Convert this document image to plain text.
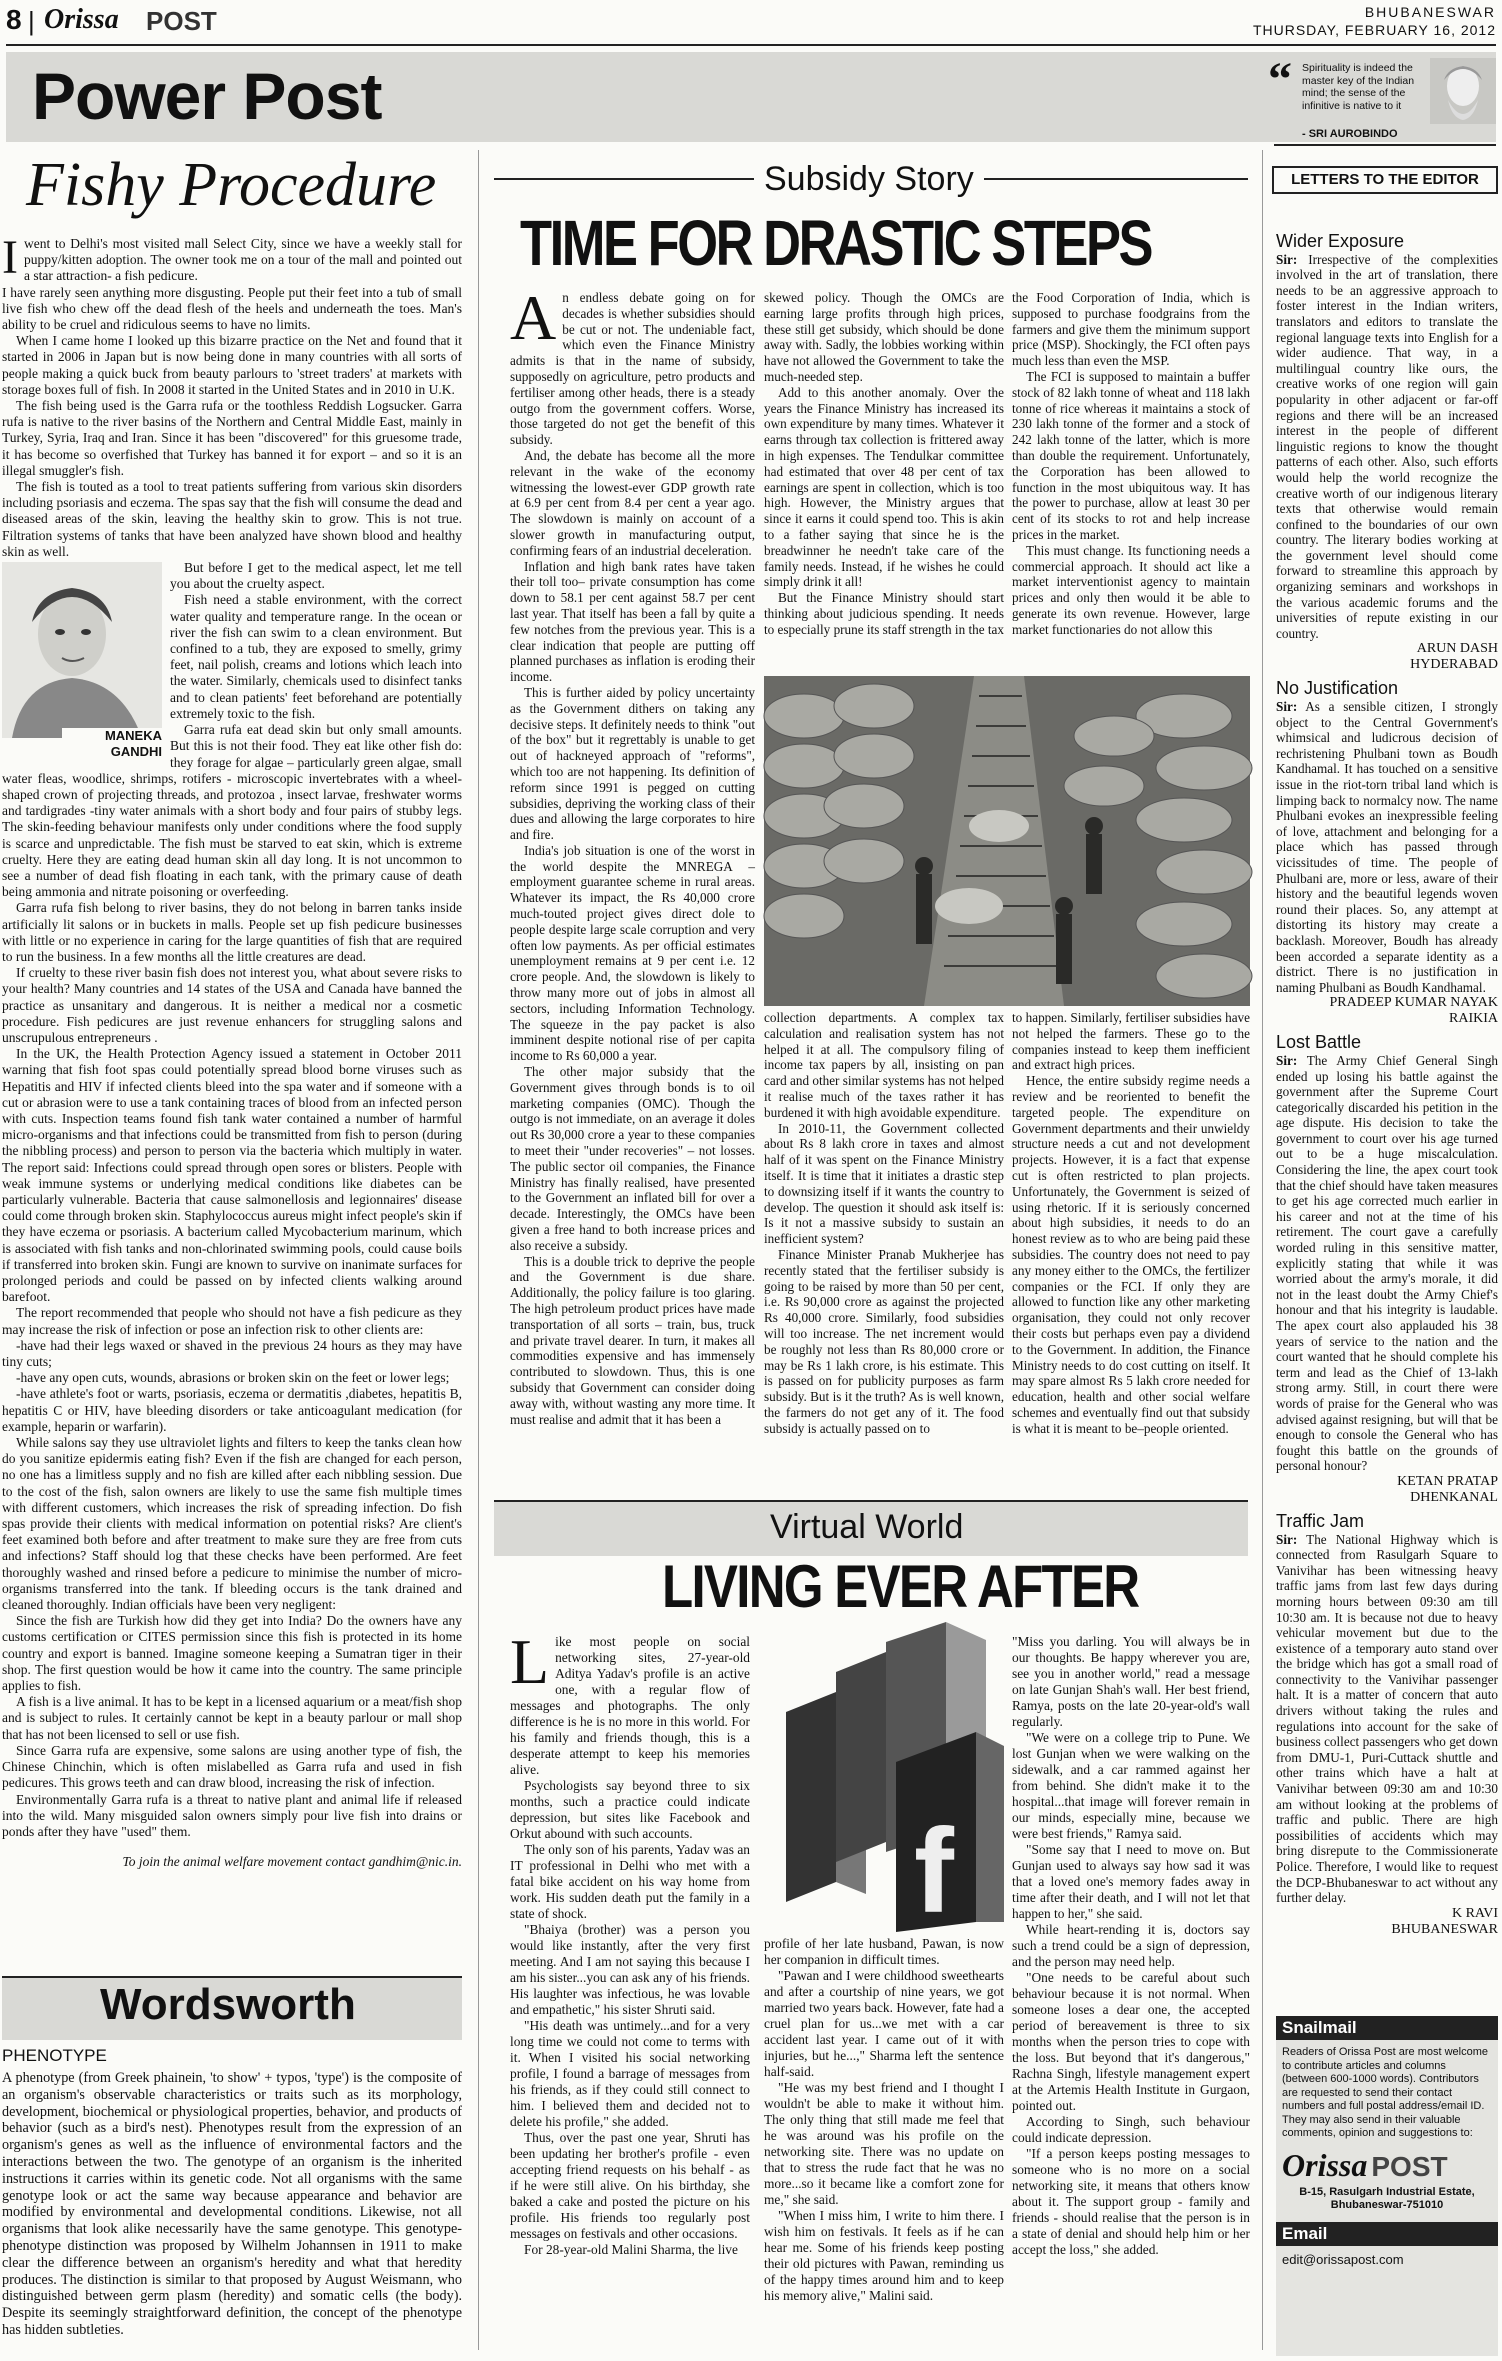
8 | Orissa POST	BHUBANESWAR
THURSDAY, FEBRUARY 16, 2012
Power Post	“ Spirituality is indeed the master key of the Indian mind; the sense of the infinitive is native to it
- SRI AUROBINDO
Fishy Procedure

Iwent to Delhi's most visited mall Select City, since we have a weekly stall for puppy/kitten adoption. The owner took me on a tour of the mall and pointed out a star attraction- a fish pedicure.

I have rarely seen anything more disgusting. People put their feet into a tub of small live fish who chew off the dead flesh of the heels and underneath the toes. Man's ability to be cruel and ridiculous seems to have no limits.

When I came home I looked up this bizarre practice on the Net and found that it started in 2006 in Japan but is now being done in many countries with all sorts of people making a quick buck from beauty parlours to 'street traders' at markets with storage boxes full of fish. In 2008 it started in the United States and in 2010 in U.K.

The fish being used is the Garra rufa or the toothless Reddish Logsucker. Garra rufa is native to the river basins of the Northern and Central Middle East, mainly in Turkey, Syria, Iraq and Iran. Since it has been "discovered" for this gruesome trade, it has become so overfished that Turkey has banned it for export – and so it is an illegal smuggler's fish.

The fish is touted as a tool to treat patients suffering from various skin disorders including psoriasis and eczema. The spas say that the fish will consume the dead and diseased areas of the skin, leaving the healthy skin to grow. This is not true. Filtration systems of tanks that have been analyzed have shown blood and healthy skin as well.

MANEKA GANDHI

But before I get to the medical aspect, let me tell you about the cruelty aspect.

Fish need a stable environment, with the correct water quality and temperature range. In the ocean or river the fish can swim to a clean environment. But confined to a tub, they are exposed to smelly, grimy feet, nail polish, creams and lotions which leach into the water. Similarly, chemicals used to disinfect tanks and to clean patients' feet beforehand are potentially extremely toxic to the fish.

Garra rufa eat dead skin but only small amounts. But this is not their food. They eat like other fish do: they forage for algae – particularly green algae, small water fleas, woodlice, shrimps, rotifers - microscopic invertebrates with a wheel-shaped crown of projecting threads, and protozoa , insect larvae, freshwater worms and tardigrades -tiny water animals with a short body and four pairs of stubby legs. The skin-feeding behaviour manifests only under conditions where the food supply is scarce and unpredictable. The fish must be starved to eat skin, which is extreme cruelty. Here they are eating dead human skin all day long. It is not uncommon to see a number of dead fish floating in each tank, with the primary cause of death being ammonia and nitrate poisoning or overfeeding.

Garra rufa fish belong to river basins, they do not belong in barren tanks inside artificially lit salons or in buckets in malls. People set up fish pedicure businesses with little or no experience in caring for the large quantities of fish that are required to run the business. In a few months all the little creatures are dead.

If cruelty to these river basin fish does not interest you, what about severe risks to your health? Many countries and 14 states of the USA and Canada have banned the practice as unsanitary and dangerous. It is neither a medical nor a cosmetic procedure. Fish pedicures are just revenue enhancers for struggling salons and unscrupulous entrepreneurs .

In the UK, the Health Protection Agency issued a statement in October 2011 warning that fish foot spas could potentially spread blood borne viruses such as Hepatitis and HIV if infected clients bleed into the spa water and if someone with a cut or abrasion were to use a tank containing traces of blood from an infected person with cuts. Inspection teams found fish tank water contained a number of harmful micro-organisms and that infections could be transmitted from fish to person (during the nibbling process) and person to person via the bacteria which multiply in water. The report said: Infections could spread through open sores or blisters. People with weak immune systems or underlying medical conditions like diabetes can be particularly vulnerable. Bacteria that cause salmonellosis and legionnaires' disease could come through broken skin. Staphylococcus aureus might infect people's skin if they have eczema or psoriasis. A bacterium called Mycobacterium marinum, which is associated with fish tanks and non-chlorinated swimming pools, could cause boils if transferred into broken skin. Fungi are known to survive on inanimate surfaces for prolonged periods and could be passed on by infected clients walking around barefoot.

The report recommended that people who should not have a fish pedicure as they may increase the risk of infection or pose an infection risk to other clients are:

-have had their legs waxed or shaved in the previous 24 hours as they may have tiny cuts;

-have any open cuts, wounds, abrasions or broken skin on the feet or lower legs;

-have athlete's foot or warts, psoriasis, eczema or dermatitis ,diabetes, hepatitis B, hepatitis C or HIV, have bleeding disorders or take anticoagulant medication (for example, heparin or warfarin).

While salons say they use ultraviolet lights and filters to keep the tanks clean how do you sanitize epidermis eating fish? Even if the fish are changed for each person, no one has a limitless supply and no fish are killed after each nibbling session. Due to the cost of the fish, salon owners are likely to use the same fish multiple times with different customers, which increases the risk of spreading infection. Do fish spas provide their clients with medical information on potential risks? Are client's feet examined both before and after treatment to make sure they are free from cuts and infections? Staff should log that these checks have been performed. Are feet thoroughly washed and rinsed before a pedicure to minimise the number of micro-organisms transferred into the tank. If bleeding occurs is the tank drained and cleaned thoroughly. Indian officials have been very negligent:

Since the fish are Turkish how did they get into India? Do the owners have any customs certification or CITES permission since this fish is protected in its home country and export is banned. Imagine someone keeping a Sumatran tiger in their shop. The first question would be how it came into the country. The same principle applies to fish.

A fish is a live animal. It has to be kept in a licensed aquarium or a meat/fish shop and is subject to rules. It certainly cannot be kept in a beauty parlour or mall shop that has not been licensed to sell or use fish.

Since Garra rufa are expensive, some salons are using another type of fish, the Chinese Chinchin, which is often mislabelled as Garra rufa and used in fish pedicures. This grows teeth and can draw blood, increasing the risk of infection.

Environmentally Garra rufa is a threat to native plant and animal life if released into the wild. Many misguided salon owners simply pour live fish into drains or ponds after they have "used" them.

To join the animal welfare movement contact gandhim@nic.in.

Wordsworth
PHENOTYPE
A phenotype (from Greek phainein, 'to show' + typos, 'type') is the composite of an organism's observable characteristics or traits such as its morphology, development, biochemical or physiological properties, behavior, and products of behavior (such as a bird's nest). Phenotypes result from the expression of an organism's genes as well as the influence of environmental factors and the interactions between the two. The genotype of an organism is the inherited instructions it carries within its genetic code. Not all organisms with the same genotype look or act the same way because appearance and behavior are modified by environmental and developmental conditions. Likewise, not all organisms that look alike necessarily have the same genotype. This genotype-phenotype distinction was proposed by Wilhelm Johannsen in 1911 to make clear the difference between an organism's heredity and what that heredity produces. The distinction is similar to that proposed by August Weismann, who distinguished between germ plasm (heredity) and somatic cells (the body). Despite its seemingly straightforward definition, the concept of the phenotype has hidden subtleties.
Subsidy Story
TIME FOR DRASTIC STEPS

An endless debate going on for decades is whether subsidies should be cut or not. The undeniable fact, which even the Finance Ministry admits is that in the name of subsidy, supposedly on agriculture, petro products and fertiliser among other heads, there is a steady outgo from the government coffers. Worse, those targeted do not get the benefit of this subsidy.

And, the debate has become all the more relevant in the wake of the economy witnessing the lowest-ever GDP growth rate at 6.9 per cent from 8.4 per cent a year ago. The slowdown is mainly on account of a slower growth in manufacturing output, confirming fears of an industrial deceleration.

Inflation and high bank rates have taken their toll too– private consumption has come down to 58.1 per cent against 58.7 per cent last year. That itself has been a fall by quite a few notches from the previous year. This is a clear indication that people are putting off planned purchases as inflation is eroding their income.

This is further aided by policy uncertainty as the Government dithers on taking any decisive steps. It definitely needs to think "out of the box" but it regrettably is unable to get out of hackneyed approach of "reforms", which too are not happening. Its definition of reform since 1991 is pegged on cutting subsidies, depriving the working class of their dues and allowing the large corporates to hire and fire.

India's job situation is one of the worst in the world despite the MNREGA – employment guarantee scheme in rural areas. Whatever its impact, the Rs 40,000 crore much-touted project gives direct dole to people despite large scale corruption and very often low payments. As per official estimates unemployment remains at 9 per cent i.e. 12 crore people. And, the slowdown is likely to throw many more out of jobs in almost all sectors, including Information Technology. The squeeze in the pay packet is also imminent despite notional rise of per capita income to Rs 60,000 a year.

The other major subsidy that the Government gives through bonds is to oil marketing companies (OMC). Though the outgo is not immediate, on an average it doles out Rs 30,000 crore a year to these companies to meet their "under recoveries" – not losses. The public sector oil companies, the Finance Ministry has finally realised, have presented to the Government an inflated bill for over a decade. Interestingly, the OMCs have been given a free hand to both increase prices and also receive a subsidy.

This is a double trick to deprive the people and the Government is due share. Additionally, the policy failure is too glaring. The high petroleum product prices have made transportation of all sorts – train, bus, truck and private travel dearer. In turn, it makes all commodities expensive and has immensely contributed to slowdown. Thus, this is one subsidy that Government can consider doing away with, without wasting any more time. It must realise and admit that it has been a

skewed policy. Though the OMCs are earning large profits through high prices, these still get subsidy, which should be done away with. Sadly, the lobbies working within have not allowed the Government to take the much-needed step.

Add to this another anomaly. Over the years the Finance Ministry has increased its own expenditure by many times. Whatever it earns through tax collection is frittered away in high expenses. The Tendulkar committee had estimated that over 48 per cent of tax earnings are spent in collection, which is too high. However, the Ministry argues that since it earns it could spend too. This is akin to a father saying that since he is the breadwinner he needn't take care of the family needs. Instead, if he wishes he could simply drink it all!

But the Finance Ministry should start thinking about judicious spending. It needs to especially prune its staff strength in the tax

the Food Corporation of India, which is supposed to purchase foodgrains from the farmers and give them the minimum support price (MSP). Shockingly, the FCI often pays much less than even the MSP.

The FCI is supposed to maintain a buffer stock of 82 lakh tonne of wheat and 118 lakh tonne of rice whereas it maintains a stock of 230 lakh tonne of the former and a stock of 242 lakh tonne of the latter, which is more than double the requirement. Unfortunately, the Corporation has been allowed to function in the most ubiquitous way. It has the power to purchase, allow at least 30 per cent of its stocks to rot and help increase prices in the market.

This must change. Its functioning needs a commercial approach. It should act like a market interventionist agency to maintain prices and only then would it be able to generate its own revenue. However, large market functionaries do not allow this

collection departments. A complex tax calculation and realisation system has not helped it at all. The compulsory filing of income tax papers by all, insisting on pan card and other similar systems has not helped it realise much of the taxes rather it has burdened it with high avoidable expenditure.

In 2010-11, the Government collected about Rs 8 lakh crore in taxes and almost half of it was spent on the Finance Ministry itself. It is time that it initiates a drastic step to downsizing itself if it wants the country to develop. The question it should ask itself is: Is it not a massive subsidy to sustain an inefficient system?

Finance Minister Pranab Mukherjee has recently stated that the fertiliser subsidy is going to be raised by more than 50 per cent, i.e. Rs 90,000 crore as against the projected Rs 40,000 crore. Similarly, food subsidies will too increase. The net increment would be roughly not less than Rs 80,000 crore or may be Rs 1 lakh crore, is his estimate. This is passed on for publicity purposes as farm subsidy. But is it the truth? As is well known, the farmers do not get any of it. The food subsidy is actually passed on to

to happen. Similarly, fertiliser subsidies have not helped the farmers. These go to the companies instead to keep them inefficient and extract high prices.

Hence, the entire subsidy regime needs a review and be reoriented to benefit the targeted people. The expenditure on Government departments and their unwieldy structure needs a cut and not development projects. However, it is a fact that expense cut is often restricted to plan projects. Unfortunately, the Government is seized of using rhetoric. If it is seriously concerned about high subsidies, it needs to do an honest review as to who are being paid these subsidies. The country does not need to pay any money either to the OMCs, the fertilizer companies or the FCI. If only they are allowed to function like any other marketing organisation, they could not only recover their costs but perhaps even pay a dividend to the Government. In addition, the Finance Ministry needs to do cost cutting on itself. It may spare almost Rs 5 lakh crore needed for education, health and other social welfare schemes and eventually find out that subsidy is what it is meant to be–people oriented.

Virtual World
LIVING EVER AFTER

Like most people on social networking sites, 27-year-old Aditya Yadav's profile is an active one, with a regular flow of messages and photographs. The only difference is he is no more in this world. For his family and friends though, this is a desperate attempt to keep his memories alive.

Psychologists say beyond three to six months, such a practice could indicate depression, but sites like Facebook and Orkut abound with such accounts.

The only son of his parents, Yadav was an IT professional in Delhi who met with a fatal bike accident on his way home from work. His sudden death put the family in a state of shock.

"Bhaiya (brother) was a person you would like instantly, after the very first meeting. And I am not saying this because I am his sister...you can ask any of his friends. His laughter was infectious, he was lovable and empathetic," his sister Shruti said.

"His death was untimely...and for a very long time we could not come to terms with it. When I visited his social networking profile, I found a barrage of messages from his friends, as if they could still connect to him. I believed them and decided not to delete his profile," she added.

Thus, over the past one year, Shruti has been updating her brother's profile - even accepting friend requests on his behalf - as if he were still alive. On his birthday, she baked a cake and posted the picture on his profile. His friends too regularly post messages on festivals and other occasions.

For 28-year-old Malini Sharma, the live

f

profile of her late husband, Pawan, is now her companion in difficult times.

"Pawan and I were childhood sweethearts and after a courtship of nine years, we got married two years back. However, fate had a cruel plan for us...we met with a car accident last year. I came out of it with injuries, but he...," Sharma left the sentence half-said.

"He was my best friend and I thought I wouldn't be able to make it without him. The only thing that still made me feel that he was around was his profile on the networking site. There was no update on that to stress the rude fact that he was no more...so it became like a comfort zone for me," she said.

"When I miss him, I write to him there. I wish him on festivals. It feels as if he can hear me. Some of his friends keep posting their old pictures with Pawan, reminding us of the happy times around him and to keep his memory alive," Malini said.

"Miss you darling. You will always be in our thoughts. Be happy wherever you are, see you in another world," read a message on late Gunjan Shah's wall. Her best friend, Ramya, posts on the late 20-year-old's wall regularly.

"We were on a college trip to Pune. We lost Gunjan when we were walking on the sidewalk, and a car rammed against her from behind. She didn't make it to the hospital...that image will forever remain in our minds, especially mine, because we were best friends," Ramya said.

"Some say that I need to move on. But Gunjan used to always say how sad it was that a loved one's memory fades away in time after their death, and I will not let that happen to her," she said.

While heart-rending it is, doctors say such a trend could be a sign of depression, and the person may need help.

"One needs to be careful about such behaviour because it is not normal. When someone loses a dear one, the accepted period of bereavement is three to six months when the person tries to cope with the loss. But beyond that it's dangerous," Rachna Singh, lifestyle management expert at the Artemis Health Institute in Gurgaon, pointed out.

According to Singh, such behaviour could indicate depression.

"If a person keeps posting messages to someone who is no more on a social networking site, it means that others know about it. The support group - family and friends - should realise that the person is in a state of denial and should help him or her accept the loss," she added.

LETTERS TO THE EDITOR
Wider Exposure
Sir: Irrespective of the complexities involved in the art of translation, there needs to be an aggressive approach to foster interest in the Indian writers, translators and editors to translate the regional language texts into English for a wider audience. That way, in a multilingual country like ours, the creative works of one region will gain popularity in other adjacent or far-off regions and there will be an increased interest in the people of different linguistic regions to know the thought patterns of each other. Also, such efforts would help the world recognize the creative worth of our indigenous literary texts that otherwise would remain confined to the boundaries of our own country. The literary bodies working at the government level should come forward to streamline this approach by organizing seminars and workshops in the various academic forums and the universities of repute existing in our country.
ARUN DASH
HYDERABAD
No Justification
Sir: As a sensible citizen, I strongly object to the Central Government's whimsical and ludicrous decision of rechristening Phulbani town as Boudh Kandhamal. It has touched on a sensitive issue in the riot-torn tribal land which is limping back to normalcy now. The name Phulbani evokes an inexpressible feeling of love, attachment and belonging for a place which has passed through vicissitudes of time. The people of Phulbani are, more or less, aware of their history and the beautiful legends woven round their places. So, any attempt at distorting its history may create a backlash. Moreover, Boudh has already been accorded a separate identity as a district. There is no justification in naming Phulbani as Boudh Kandhamal.
PRADEEP KUMAR NAYAK
RAIKIA
Lost Battle
Sir: The Army Chief General Singh ended up losing his battle against the government after the Supreme Court categorically discarded his petition in the age dispute. His decision to take the government to court over his age turned out to be a huge miscalculation. Considering the line, the apex court took that the chief should have taken measures to get his age corrected much earlier in his career and not at the time of his retirement. The court gave a carefully worded ruling in this sensitive matter, explicitly stating that while it was worried about the army's morale, it did not in the least doubt the Army Chief's honour and that his integrity is laudable. The apex court also applauded his 38 years of service to the nation and the court wanted that he should complete his term and lead as the Chief of 13-lakh strong army. Still, in court there were words of praise for the General who was advised against resigning, but will that be enough to console the General who has fought this battle on the grounds of personal honour?
KETAN PRATAP
DHENKANAL
Traffic Jam
Sir: The National Highway which is connected from Rasulgarh Square to Vanivihar has been witnessing heavy traffic jams from last few days during morning hours between 09:30 am till 10:30 am. It is because not due to heavy vehicular movement but due to the existence of a temporary auto stand over the bridge which has got a small road of connectivity to the Vanivihar passenger halt. It is a matter of concern that auto drivers without taking the rules and regulations into account for the sake of business collect passengers who get down from DMU-1, Puri-Cuttack shuttle and other trains which have a halt at Vanivihar between 09:30 am and 10:30 am without looking at the problems of traffic and public. There are high possibilities of accidents which may bring disrepute to the Commissionerate Police. Therefore, I would like to request the DCP-Bhubaneswar to act without any further delay.
K RAVI
BHUBANESWAR
Snailmail
Readers of Orissa Post are most welcome to contribute articles and columns (between 600-1000 words). Contributors are requested to send their contact numbers and full postal address/email ID. They may also send in their valuable comments, opinion and suggestions to:
Orissa POST
B-15, Rasulgarh Industrial Estate, Bhubaneswar-751010
Email
edit@orissapost.com
